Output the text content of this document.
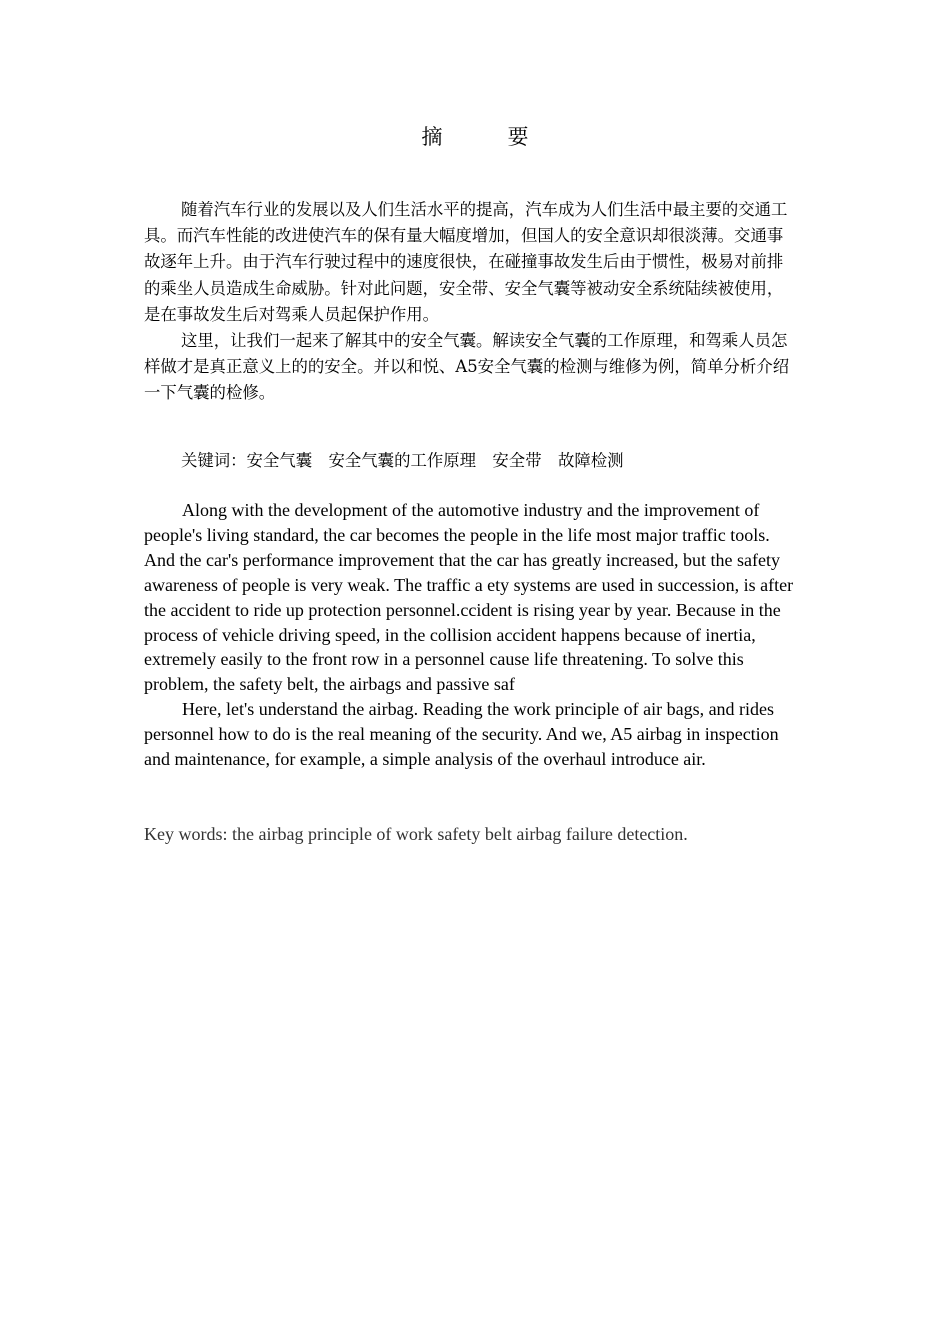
摘　要

随着汽车行业的发展以及人们生活水平的提高，汽车成为人们生活中最主要的交通工具。而汽车性能的改进使汽车的保有量大幅度增加，但国人的安全意识却很淡薄。交通事故逐年上升。由于汽车行驶过程中的速度很快，在碰撞事故发生后由于惯性，极易对前排的乘坐人员造成生命威胁。针对此问题，安全带、安全气囊等被动安全系统陆续被使用，是在事故发生后对驾乘人员起保护作用。

这里，让我们一起来了解其中的安全气囊。解读安全气囊的工作原理，和驾乘人员怎样做才是真正意义上的的安全。并以和悦、A5安全气囊的检测与维修为例，简单分析介绍一下气囊的检修。

关键词：安全气囊　安全气囊的工作原理　安全带　故障检测

Along with the development of the automotive industry and the improvement of people's living standard, the car becomes the people in the life most major traffic tools. And the car's performance improvement that the car has greatly increased, but the safety awareness of people is very weak. The traffic a ety systems are used in succession, is after the accident to ride up protection personnel.ccident is rising year by year. Because in the process of vehicle driving speed, in the collision accident happens because of inertia, extremely easily to the front row in a personnel cause life threatening. To solve this problem, the safety belt, the airbags and passive saf

Here, let's understand the airbag. Reading the work principle of air bags, and rides personnel how to do is the real meaning of the security. And we, A5 airbag in inspection and maintenance, for example, a simple analysis of the overhaul introduce air.

Key words: the airbag principle of work safety belt airbag failure detection.
